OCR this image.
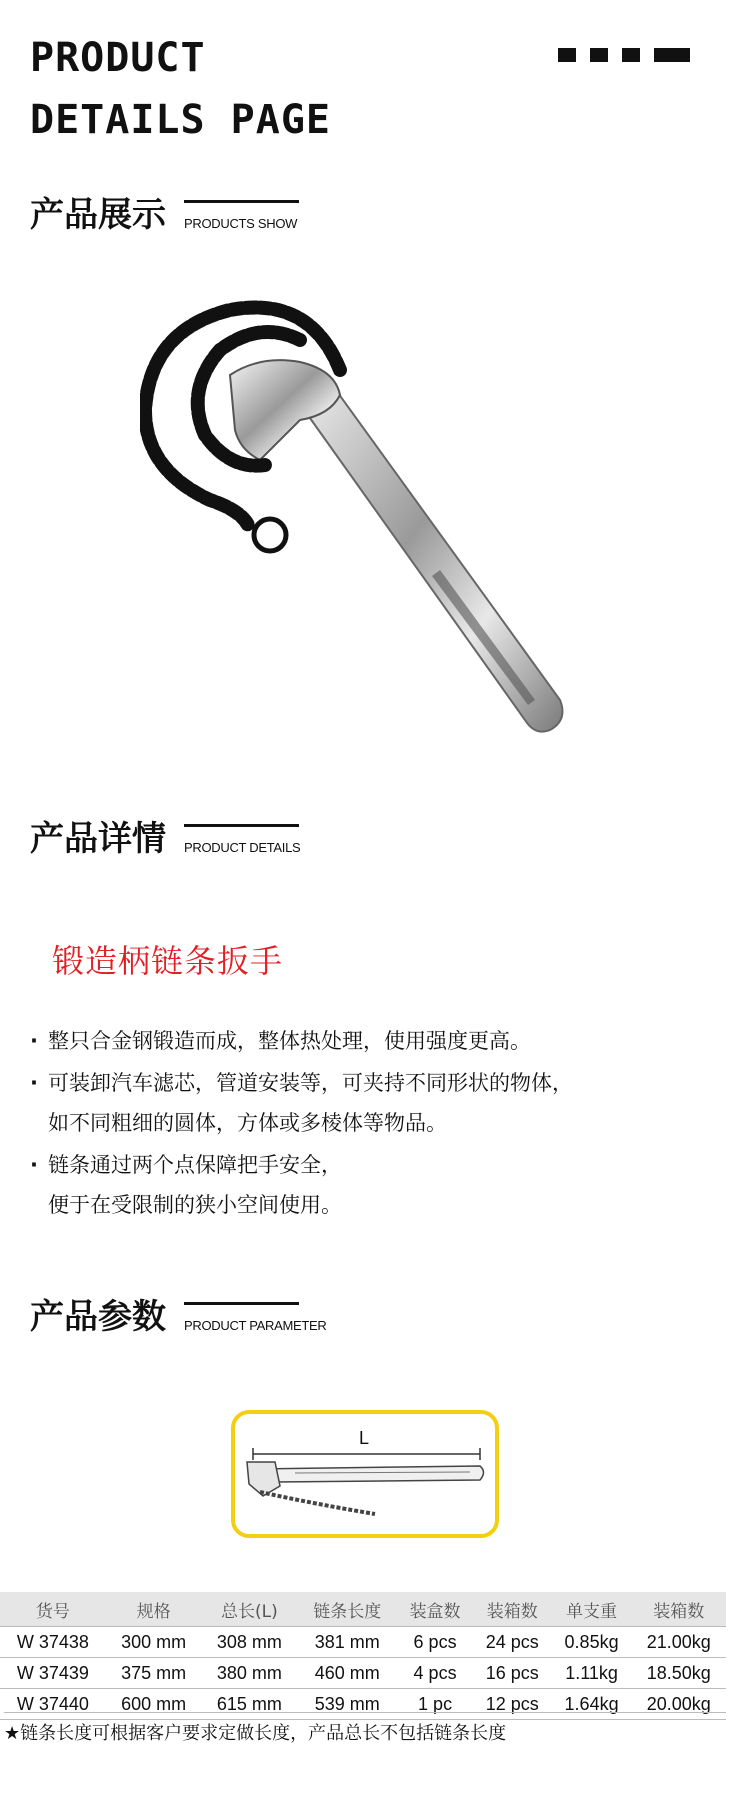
PRODUCT
DETAILS PAGE
产品展示 PRODUCTS SHOW
产品详情 PRODUCT DETAILS
锻造柄链条扳手
· 整只合金钢锻造而成，整体热处理，使用强度更高。
· 可装卸汽车滤芯，管道安装等，可夹持不同形状的物体，
如不同粗细的圆体，方体或多棱体等物品。
· 链条通过两个点保障把手安全，
便于在受限制的狭小空间使用。
产品参数 PRODUCT PARAMETER
L
货号	规格	总长(L)	链条长度	装盒数	装箱数	单支重	装箱数
W 37438	300 mm	308 mm	381 mm	6 pcs	24 pcs	0.85kg	21.00kg
W 37439	375 mm	380 mm	460 mm	4 pcs	16 pcs	1.11kg	18.50kg
W 37440	600 mm	615 mm	539 mm	1 pc	12 pcs	1.64kg	20.00kg
★链条长度可根据客户要求定做长度，产品总长不包括链条长度
